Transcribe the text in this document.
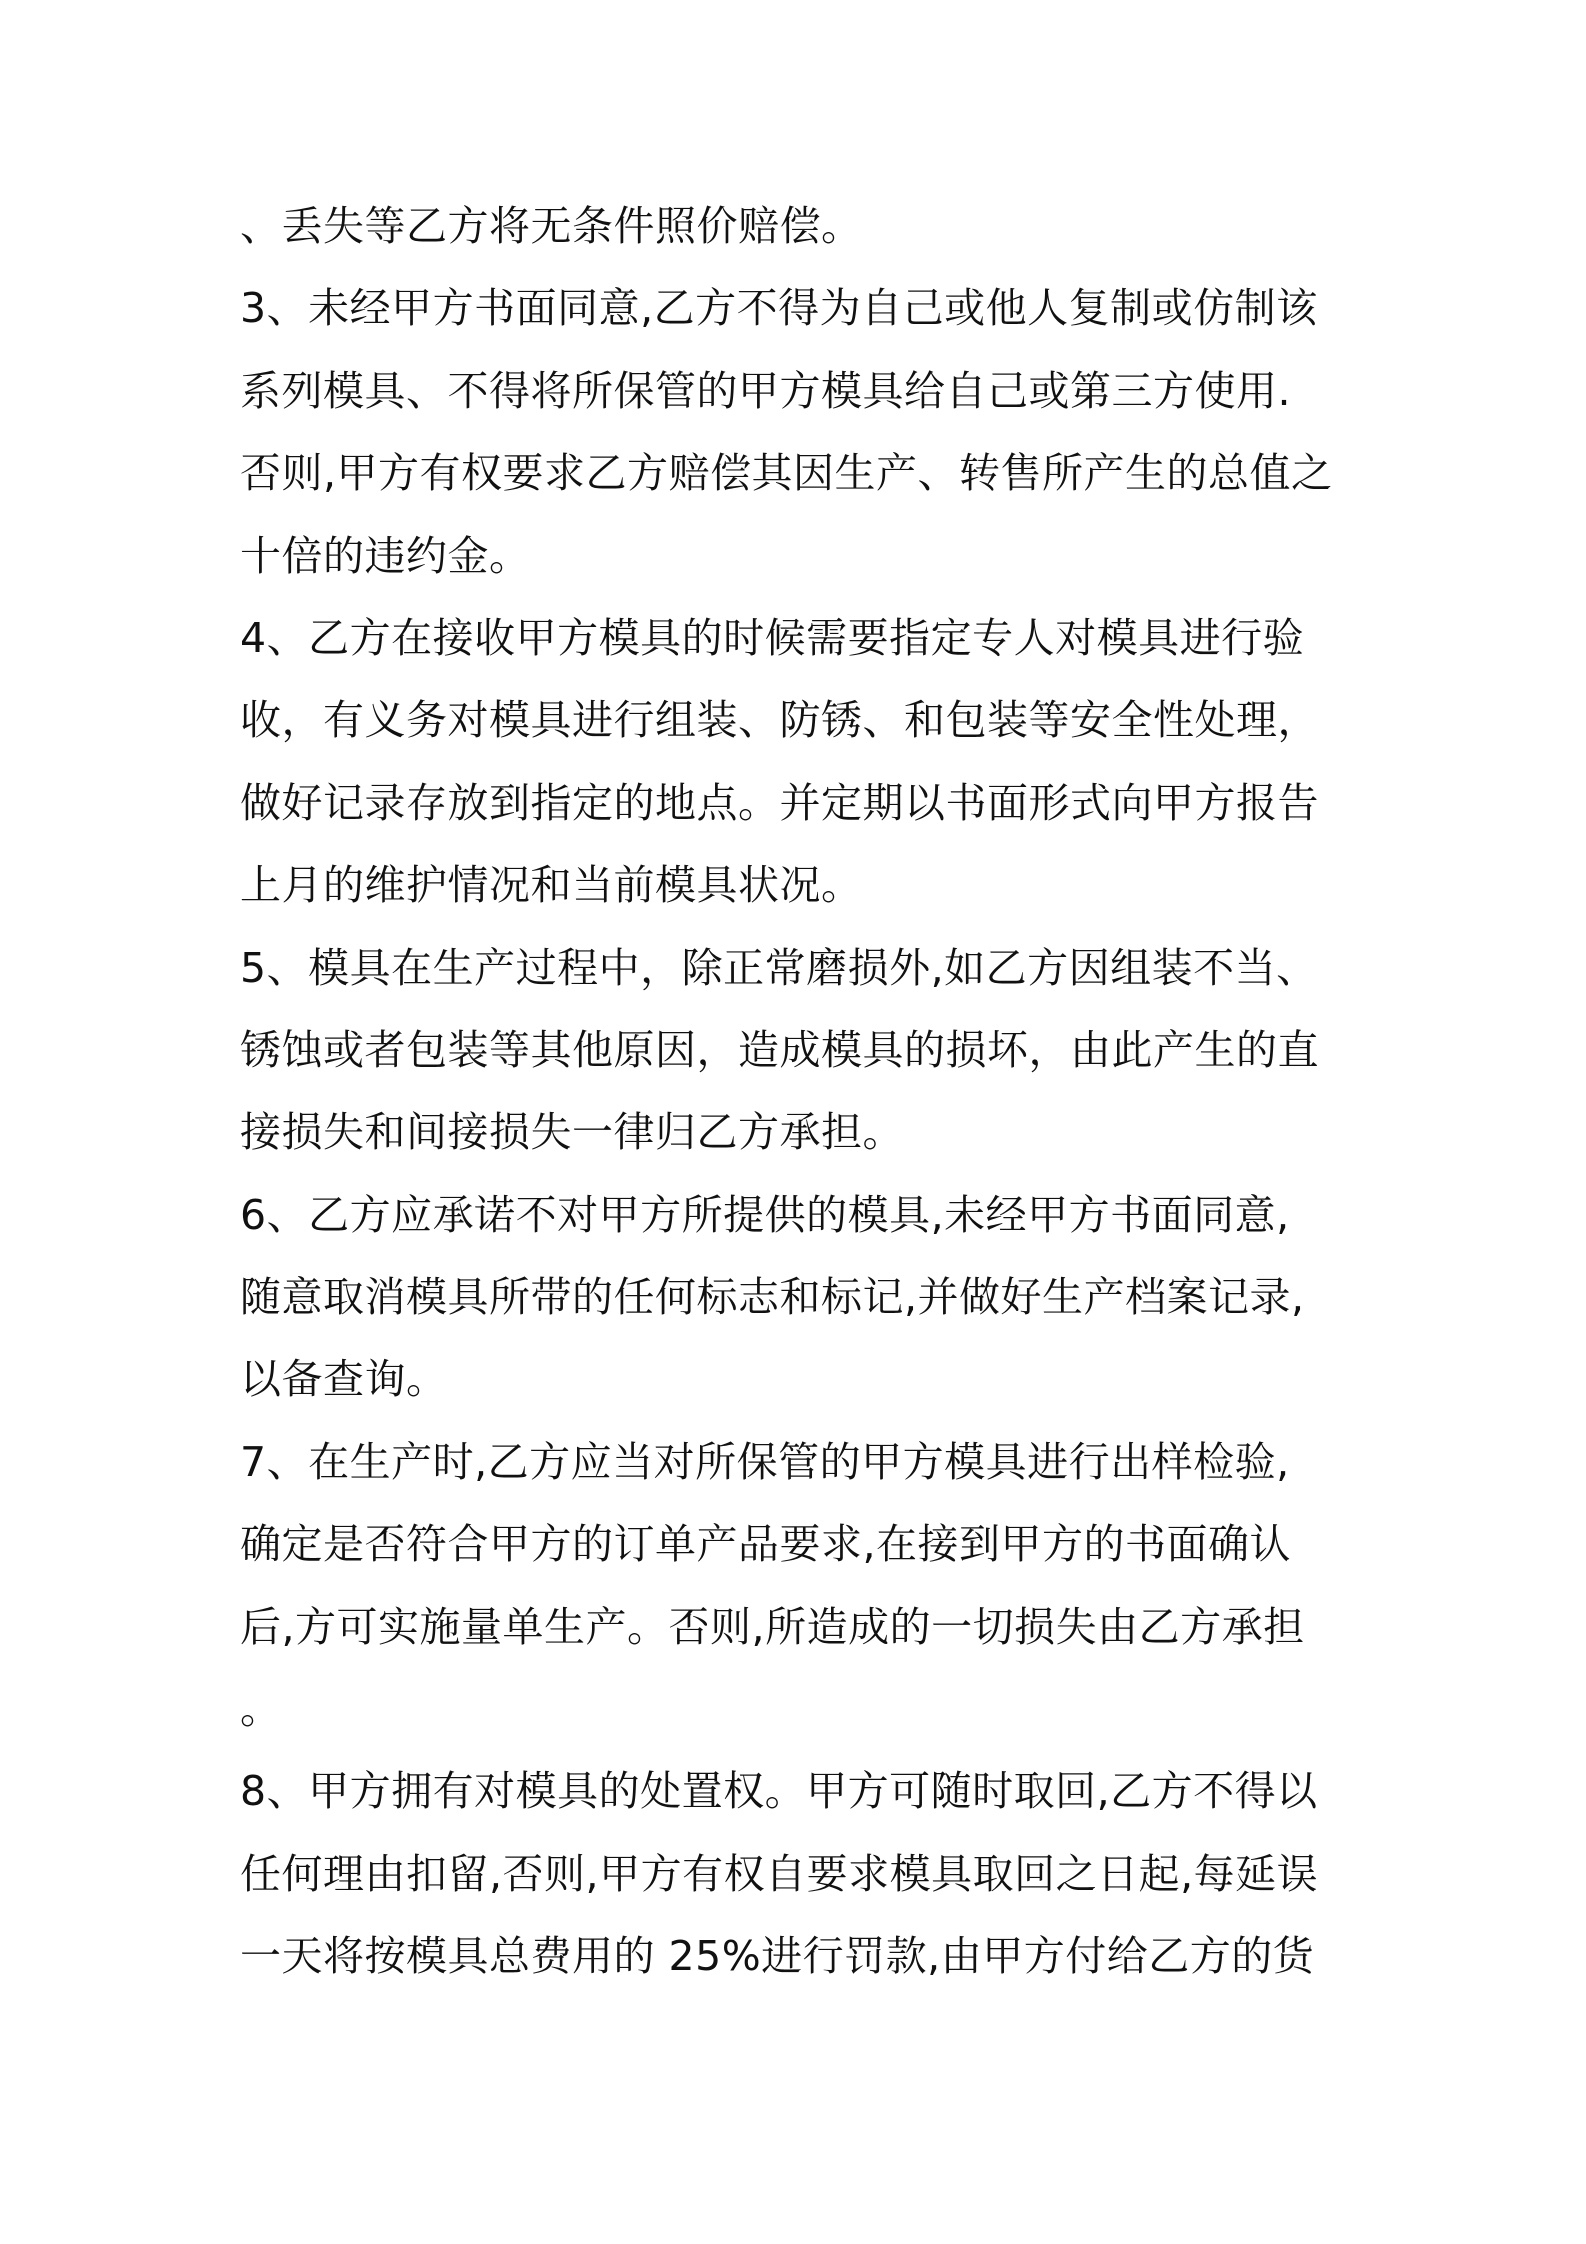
、丢失等乙方将无条件照价赔偿。
3、未经甲方书面同意,乙方不得为自己或他人复制或仿制该
系列模具、不得将所保管的甲方模具给自己或第三方使用.
否则,甲方有权要求乙方赔偿其因生产、转售所产生的总值之
十倍的违约金。
4、乙方在接收甲方模具的时候需要指定专人对模具进行验
收，有义务对模具进行组装、防锈、和包装等安全性处理，
做好记录存放到指定的地点。并定期以书面形式向甲方报告
上月的维护情况和当前模具状况。
5、模具在生产过程中，除正常磨损外,如乙方因组装不当、
锈蚀或者包装等其他原因，造成模具的损坏，由此产生的直
接损失和间接损失一律归乙方承担。
6、乙方应承诺不对甲方所提供的模具,未经甲方书面同意,
随意取消模具所带的任何标志和标记,并做好生产档案记录,
以备查询。
7、在生产时,乙方应当对所保管的甲方模具进行出样检验,
确定是否符合甲方的订单产品要求,在接到甲方的书面确认
后,方可实施量单生产。否则,所造成的一切损失由乙方承担
。
8、甲方拥有对模具的处置权。甲方可随时取回,乙方不得以
任何理由扣留,否则,甲方有权自要求模具取回之日起,每延误
一天将按模具总费用的 25%进行罚款,由甲方付给乙方的货
